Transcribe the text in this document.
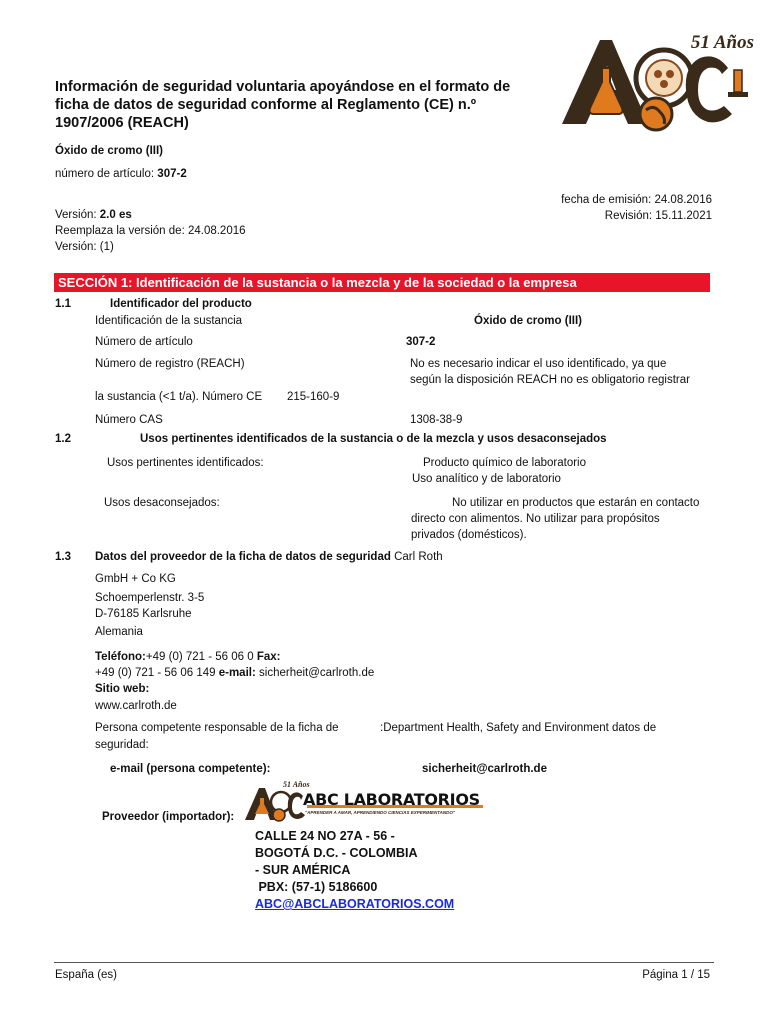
Información de seguridad voluntaria apoyándose en el formato de ficha de datos de seguridad conforme al Reglamento (CE) n.º 1907/2006 (REACH)
51 Años
Óxido de cromo (III)
número de artículo: 307-2
fecha de emisión: 24.08.2016
Revisión: 15.11.2021
Versión: 2.0 es
Reemplaza la versión de: 24.08.2016
Versión: (1)
SECCIÓN 1: Identificación de la sustancia o la mezcla y de la sociedad o la empresa
1.1	Identificador del producto
Identificación de la sustancia	Óxido de cromo (III)
Número de artículo	307-2
Número de registro (REACH)	No es necesario indicar el uso identificado, ya que
según la disposición REACH no es obligatorio registrar
la sustancia (<1 t/a). Número CE 215-160-9
Número CAS	1308-38-9
1.2	Usos pertinentes identificados de la sustancia o de la mezcla y usos desaconsejados
Usos pertinentes identificados:	Producto químico de laboratorio
Uso analítico y de laboratorio
Usos desaconsejados:	No utilizar en productos que estarán en contacto
directo con alimentos. No utilizar para propósitos
privados (domésticos).
1.3 Datos del proveedor de la ficha de datos de seguridad Carl Roth
GmbH + Co KG
Schoemperlenstr. 3-5
D-76185 Karlsruhe
Alemania
Teléfono:+49 (0) 721 - 56 06 0 Fax:
+49 (0) 721 - 56 06 149 e-mail: sicherheit@carlroth.de
Sitio web:
www.carlroth.de
Persona competente responsable de la ficha de
seguridad:
:Department Health, Safety and Environment datos de
e-mail (persona competente):	sicherheit@carlroth.de
Proveedor (importador):
51 Años
ABC LABORATORIOS
"APRENDER A AMAR, APRENDIENDO CIENCIAS EXPERIMENTANDO"
CALLE 24 NO 27A - 56 -
BOGOTÁ D.C. - COLOMBIA
- SUR AMÉRICA
PBX: (57-1) 5186600
ABC@ABCLABORATORIOS.COM
España (es)	Página 1 / 15
